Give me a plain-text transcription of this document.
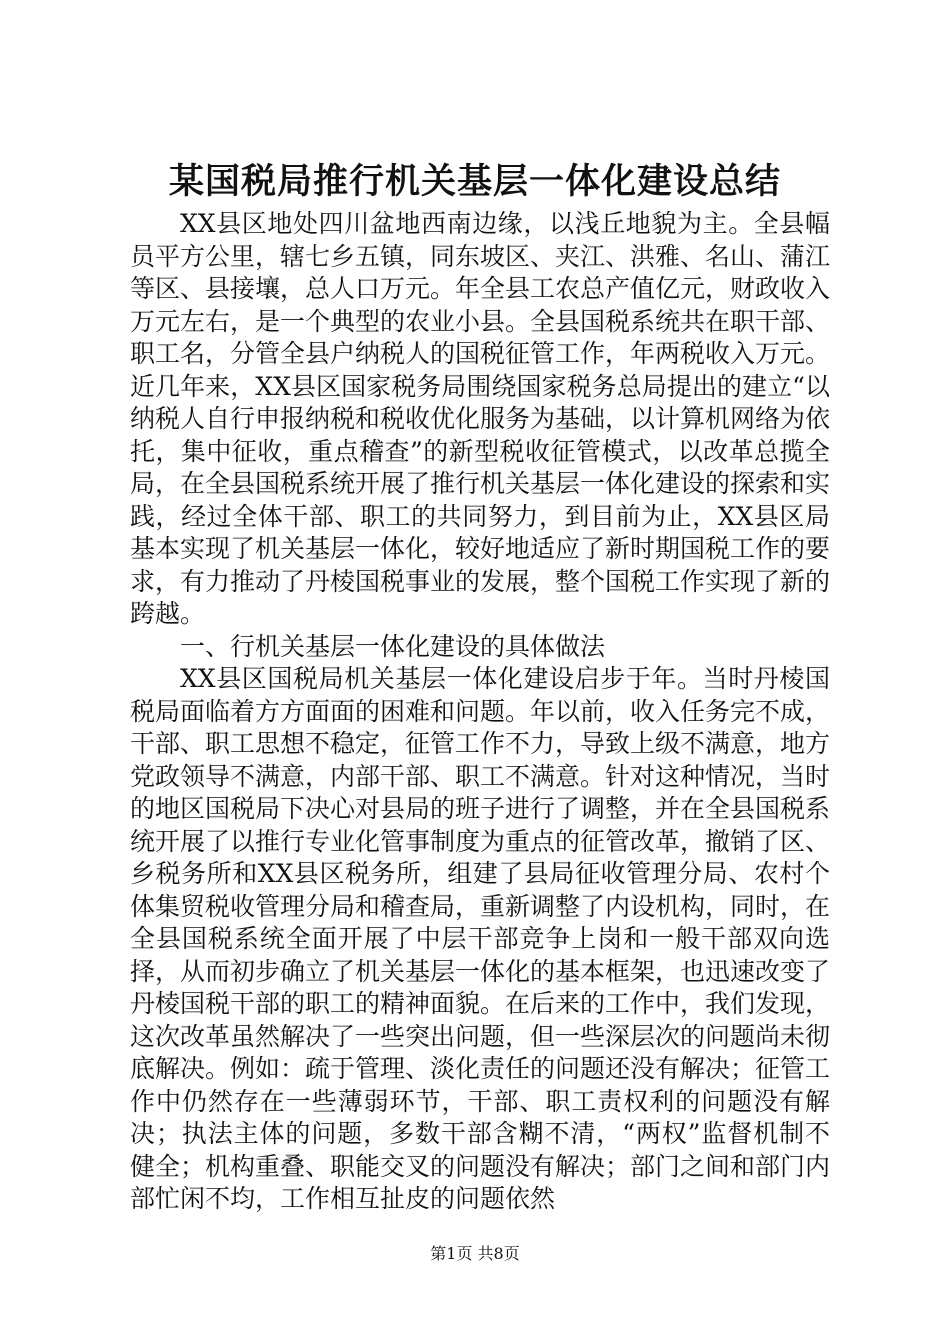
某国税局推行机关基层一体化建设总结

XX县区地处四川盆地西南边缘，以浅丘地貌为主。全县幅员平方公里，辖七乡五镇，同东坡区、夹江、洪雅、名山、蒲江等区、县接壤，总人口万元。年全县工农总产值亿元，财政收入万元左右，是一个典型的农业小县。全县国税系统共在职干部、职工名，分管全县户纳税人的国税征管工作，年两税收入万元。近几年来，XX县区国家税务局围绕国家税务总局提出的建立“以纳税人自行申报纳税和税收优化服务为基础，以计算机网络为依托，集中征收，重点稽查”的新型税收征管模式，以改革总揽全局，在全县国税系统开展了推行机关基层一体化建设的探索和实践，经过全体干部、职工的共同努力，到目前为止，XX县区局基本实现了机关基层一体化，较好地适应了新时期国税工作的要求，有力推动了丹棱国税事业的发展，整个国税工作实现了新的跨越。

一、行机关基层一体化建设的具体做法

XX县区国税局机关基层一体化建设启步于年。当时丹棱国税局面临着方方面面的困难和问题。年以前，收入任务完不成，干部、职工思想不稳定，征管工作不力，导致上级不满意，地方党政领导不满意，内部干部、职工不满意。针对这种情况，当时的地区国税局下决心对县局的班子进行了调整，并在全县国税系统开展了以推行专业化管事制度为重点的征管改革，撤销了区、乡税务所和XX县区税务所，组建了县局征收管理分局、农村个体集贸税收管理分局和稽查局，重新调整了内设机构，同时，在全县国税系统全面开展了中层干部竞争上岗和一般干部双向选择，从而初步确立了机关基层一体化的基本框架，也迅速改变了丹棱国税干部的职工的精神面貌。在后来的工作中，我们发现，这次改革虽然解决了一些突出问题，但一些深层次的问题尚未彻底解决。例如：疏于管理、淡化责任的问题还没有解决；征管工作中仍然存在一些薄弱环节，干部、职工责权利的问题没有解决；执法主体的问题，多数干部含糊不清，“两权”监督机制不健全；机构重叠、职能交叉的问题没有解决；部门之间和部门内部忙闲不均，工作相互扯皮的问题依然

第1页 共8页
